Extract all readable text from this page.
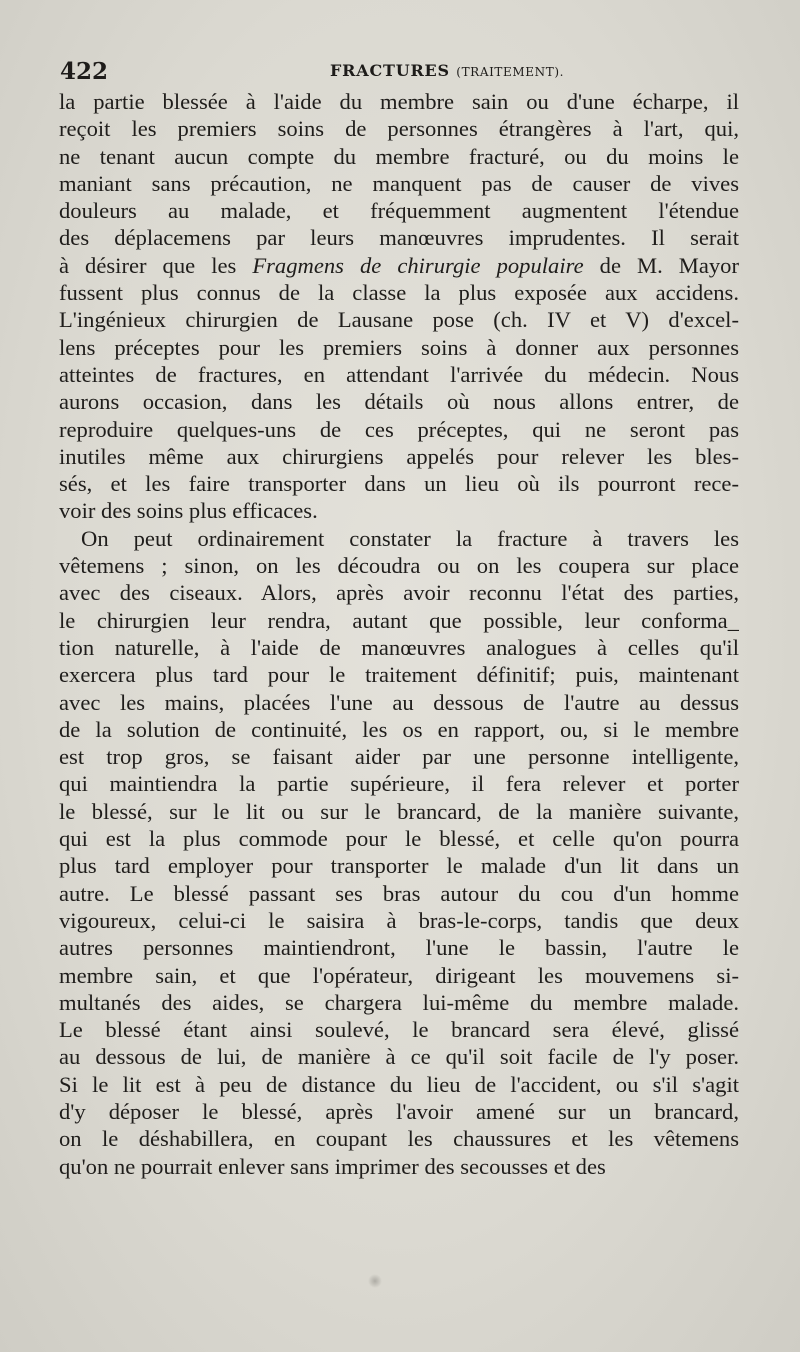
422	FRACTURES (TRAITEMENT).
la partie blessée à l'aide du membre sain ou d'une écharpe, il
reçoit les premiers soins de personnes étrangères à l'art, qui,
ne tenant aucun compte du membre fracturé, ou du moins le
maniant sans précaution, ne manquent pas de causer de vives
douleurs au malade, et fréquemment augmentent l'étendue
des déplacemens par leurs manœuvres imprudentes. Il serait
à désirer que les Fragmens de chirurgie populaire de M. Mayor
fussent plus connus de la classe la plus exposée aux accidens.
L'ingénieux chirurgien de Lausane pose (ch. IV et V) d'excel-
lens préceptes pour les premiers soins à donner aux personnes
atteintes de fractures, en attendant l'arrivée du médecin. Nous
aurons occasion, dans les détails où nous allons entrer, de
reproduire quelques-uns de ces préceptes, qui ne seront pas
inutiles même aux chirurgiens appelés pour relever les bles-
sés, et les faire transporter dans un lieu où ils pourront rece-
voir des soins plus efficaces.
On peut ordinairement constater la fracture à travers les
vêtemens ; sinon, on les découdra ou on les coupera sur place
avec des ciseaux. Alors, après avoir reconnu l'état des parties,
le chirurgien leur rendra, autant que possible, leur conforma_
tion naturelle, à l'aide de manœuvres analogues à celles qu'il
exercera plus tard pour le traitement définitif; puis, maintenant
avec les mains, placées l'une au dessous de l'autre au dessus
de la solution de continuité, les os en rapport, ou, si le membre
est trop gros, se faisant aider par une personne intelligente,
qui maintiendra la partie supérieure, il fera relever et porter
le blessé, sur le lit ou sur le brancard, de la manière suivante,
qui est la plus commode pour le blessé, et celle qu'on pourra
plus tard employer pour transporter le malade d'un lit dans un
autre. Le blessé passant ses bras autour du cou d'un homme
vigoureux, celui-ci le saisira à bras-le-corps, tandis que deux
autres personnes maintiendront, l'une le bassin, l'autre le
membre sain, et que l'opérateur, dirigeant les mouvemens si-
multanés des aides, se chargera lui-même du membre malade.
Le blessé étant ainsi soulevé, le brancard sera élevé, glissé
au dessous de lui, de manière à ce qu'il soit facile de l'y poser.
Si le lit est à peu de distance du lieu de l'accident, ou s'il s'agit
d'y déposer le blessé, après l'avoir amené sur un brancard,
on le déshabillera, en coupant les chaussures et les vêtemens
qu'on ne pourrait enlever sans imprimer des secousses et des
